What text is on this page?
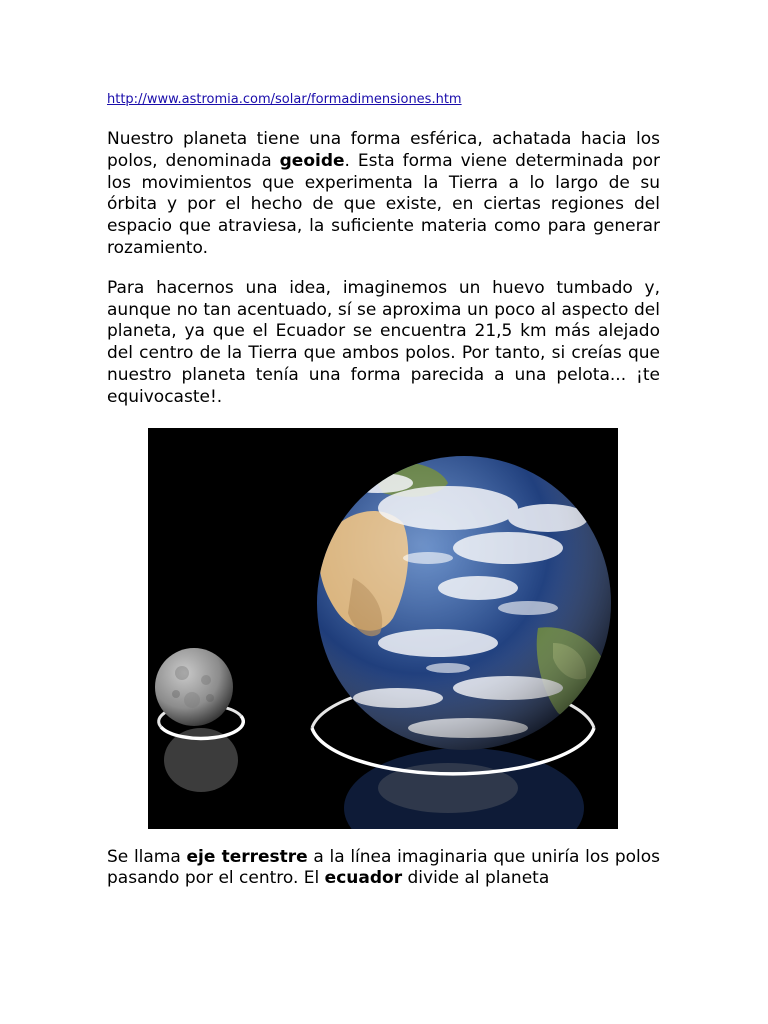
http://www.astromia.com/solar/formadimensiones.htm

Nuestro planeta tiene una forma esférica, achatada hacia los polos, denominada geoide. Esta forma viene determinada por los movimientos que experimenta la Tierra a lo largo de su órbita y por el hecho de que existe, en ciertas regiones del espacio que atraviesa, la suficiente materia como para generar rozamiento.

Para hacernos una idea, imaginemos un huevo tumbado y, aunque no tan acentuado, sí se aproxima un poco al aspecto del planeta, ya que el Ecuador se encuentra 21,5 km más alejado del centro de la Tierra que ambos polos. Por tanto, si creías que nuestro planeta tenía una forma parecida a una pelota... ¡te equivocaste!.

Se llama eje terrestre a la línea imaginaria que uniría los polos pasando por el centro. El ecuador divide al planeta
